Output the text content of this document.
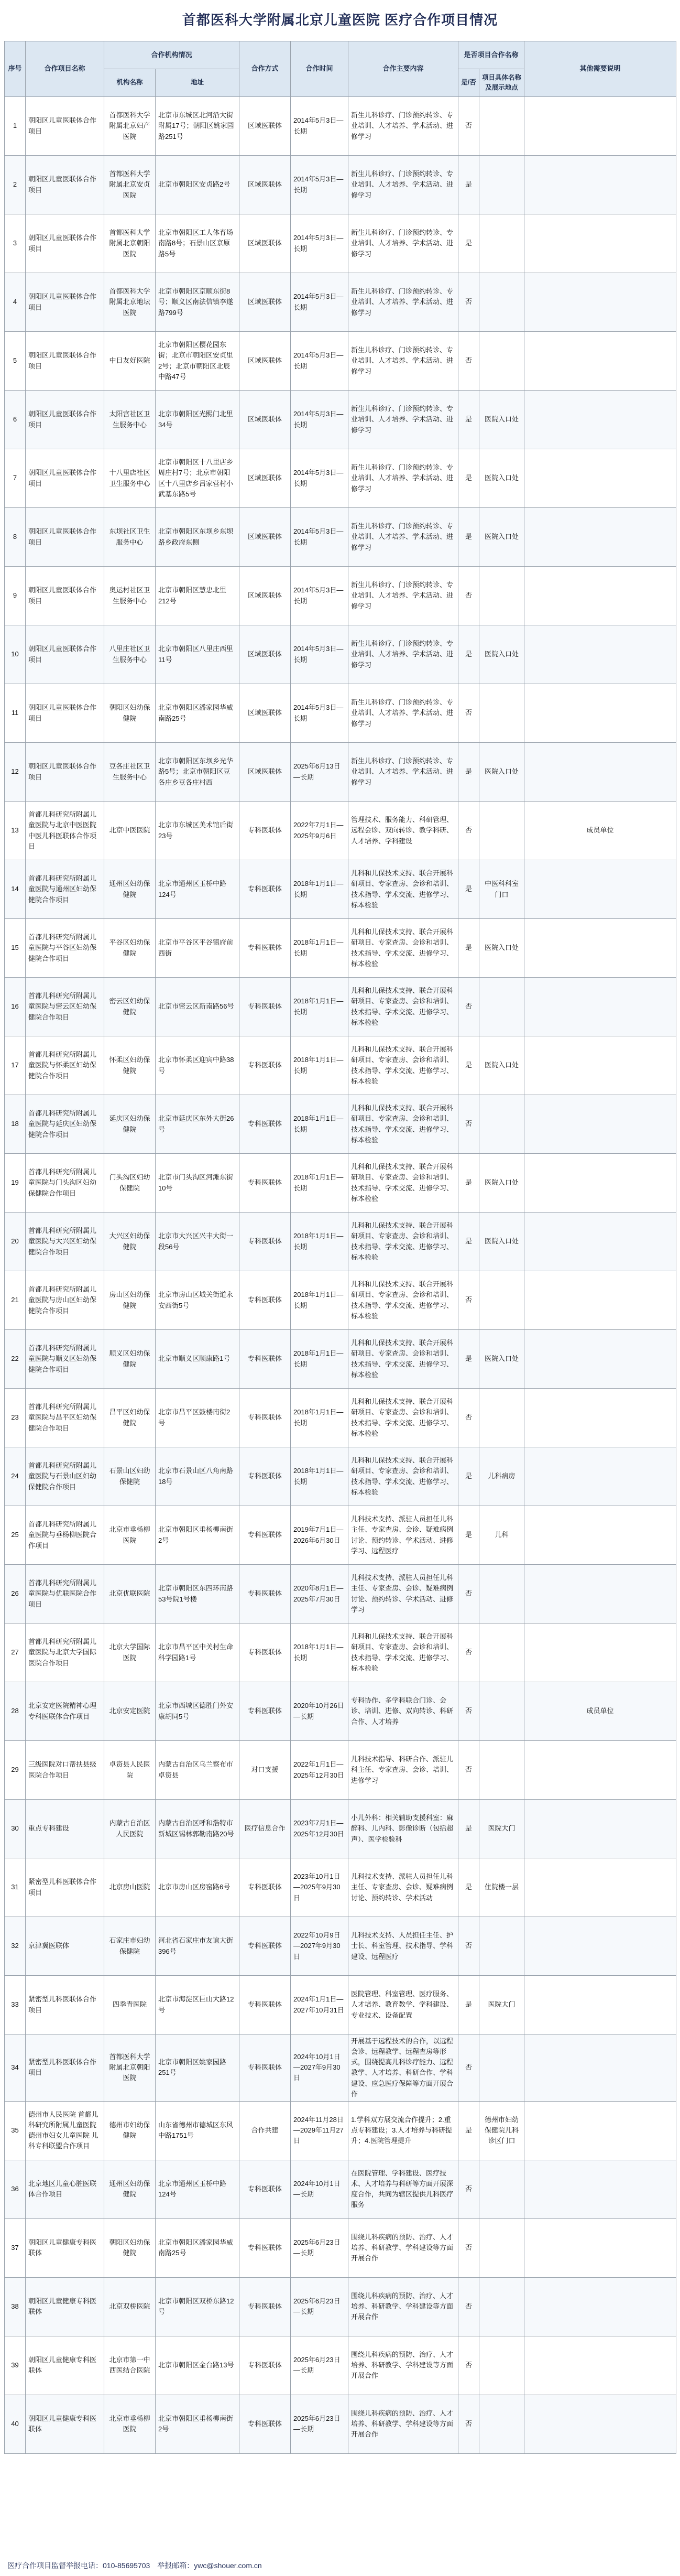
首都医科大学附属北京儿童医院 医疗合作项目情况
序号	合作项目名称	合作机构情况		合作方式	合作时间	合作主要内容	是否项目合作名称		其他需要说明
		机构名称	地址				是/否	项目具体名称及展示地点	
1	朝阳区儿童医联体合作项目	首都医科大学附属北京妇产医院	北京市东城区北河沿大街附属17号；朝阳区姚家园路251号	区域医联体	2014年5月3日—长期	新生儿科诊疗、门诊预约转诊、专业培训、人才培养、学术活动、进修学习	否		
2	朝阳区儿童医联体合作项目	首都医科大学附属北京安贞医院	北京市朝阳区安贞路2号	区域医联体	2014年5月3日—长期	新生儿科诊疗、门诊预约转诊、专业培训、人才培养、学术活动、进修学习	是		
3	朝阳区儿童医联体合作项目	首都医科大学附属北京朝阳医院	北京市朝阳区工人体育场南路8号；石景山区京原路5号	区域医联体	2014年5月3日—长期	新生儿科诊疗、门诊预约转诊、专业培训、人才培养、学术活动、进修学习	是		
4	朝阳区儿童医联体合作项目	首都医科大学附属北京地坛医院	北京市朝阳区京顺东街8号；顺义区南法信镇李遂路799号	区域医联体	2014年5月3日—长期	新生儿科诊疗、门诊预约转诊、专业培训、人才培养、学术活动、进修学习	否		
5	朝阳区儿童医联体合作项目	中日友好医院	北京市朝阳区樱花园东街；北京市朝阳区安贞里2号；北京市朝阳区北辰中路47号	区域医联体	2014年5月3日—长期	新生儿科诊疗、门诊预约转诊、专业培训、人才培养、学术活动、进修学习	否		
6	朝阳区儿童医联体合作项目	太阳宫社区卫生服务中心	北京市朝阳区光熙门北里34号	区域医联体	2014年5月3日—长期	新生儿科诊疗、门诊预约转诊、专业培训、人才培养、学术活动、进修学习	是	医院入口处	
7	朝阳区儿童医联体合作项目	十八里店社区卫生服务中心	北京市朝阳区十八里店乡周庄村7号；北京市朝阳区十八里店乡吕家营村小武基东路5号	区域医联体	2014年5月3日—长期	新生儿科诊疗、门诊预约转诊、专业培训、人才培养、学术活动、进修学习	是	医院入口处	
8	朝阳区儿童医联体合作项目	东坝社区卫生服务中心	北京市朝阳区东坝乡东坝路乡政府东侧	区域医联体	2014年5月3日—长期	新生儿科诊疗、门诊预约转诊、专业培训、人才培养、学术活动、进修学习	是	医院入口处	
9	朝阳区儿童医联体合作项目	奥运村社区卫生服务中心	北京市朝阳区慧忠北里212号	区域医联体	2014年5月3日—长期	新生儿科诊疗、门诊预约转诊、专业培训、人才培养、学术活动、进修学习	否		
10	朝阳区儿童医联体合作项目	八里庄社区卫生服务中心	北京市朝阳区八里庄西里11号	区域医联体	2014年5月3日—长期	新生儿科诊疗、门诊预约转诊、专业培训、人才培养、学术活动、进修学习	是	医院入口处	
11	朝阳区儿童医联体合作项目	朝阳区妇幼保健院	北京市朝阳区潘家园华威南路25号	区域医联体	2014年5月3日—长期	新生儿科诊疗、门诊预约转诊、专业培训、人才培养、学术活动、进修学习	否		
12	朝阳区儿童医联体合作项目	豆各庄社区卫生服务中心	北京市朝阳区东坝乡光华路5号；北京市朝阳区豆各庄乡豆各庄村西	区域医联体	2025年6月13日—长期	新生儿科诊疗、门诊预约转诊、专业培训、人才培养、学术活动、进修学习	是	医院入口处	
13	首都儿科研究所附属儿童医院与北京中医医院中医儿科医联体合作项目	北京中医医院	北京市东城区美术馆后街23号	专科医联体	2022年7月1日—2025年9月6日	管理技术、服务能力、科研管理、远程会诊、双向转诊、教学科研、人才培养、学科建设	否		成员单位
14	首都儿科研究所附属儿童医院与通州区妇幼保健院合作项目	通州区妇幼保健院	北京市通州区玉桥中路124号	专科医联体	2018年1月1日—长期	儿科和儿保技术支持、联合开展科研项目、专家查房、会诊和培训、技术指导、学术交流、进修学习、标本检验	是	中医科科室门口	
15	首都儿科研究所附属儿童医院与平谷区妇幼保健院合作项目	平谷区妇幼保健院	北京市平谷区平谷镇府前西街	专科医联体	2018年1月1日—长期	儿科和儿保技术支持、联合开展科研项目、专家查房、会诊和培训、技术指导、学术交流、进修学习、标本检验	是	医院入口处	
16	首都儿科研究所附属儿童医院与密云区妇幼保健院合作项目	密云区妇幼保健院	北京市密云区新南路56号	专科医联体	2018年1月1日—长期	儿科和儿保技术支持、联合开展科研项目、专家查房、会诊和培训、技术指导、学术交流、进修学习、标本检验	否		
17	首都儿科研究所附属儿童医院与怀柔区妇幼保健院合作项目	怀柔区妇幼保健院	北京市怀柔区迎宾中路38号	专科医联体	2018年1月1日—长期	儿科和儿保技术支持、联合开展科研项目、专家查房、会诊和培训、技术指导、学术交流、进修学习、标本检验	是	医院入口处	
18	首都儿科研究所附属儿童医院与延庆区妇幼保健院合作项目	延庆区妇幼保健院	北京市延庆区东外大街26号	专科医联体	2018年1月1日—长期	儿科和儿保技术支持、联合开展科研项目、专家查房、会诊和培训、技术指导、学术交流、进修学习、标本检验	否		
19	首都儿科研究所附属儿童医院与门头沟区妇幼保健院合作项目	门头沟区妇幼保健院	北京市门头沟区河滩东街10号	专科医联体	2018年1月1日—长期	儿科和儿保技术支持、联合开展科研项目、专家查房、会诊和培训、技术指导、学术交流、进修学习、标本检验	是	医院入口处	
20	首都儿科研究所附属儿童医院与大兴区妇幼保健院合作项目	大兴区妇幼保健院	北京市大兴区兴丰大街一段56号	专科医联体	2018年1月1日—长期	儿科和儿保技术支持、联合开展科研项目、专家查房、会诊和培训、技术指导、学术交流、进修学习、标本检验	是	医院入口处	
21	首都儿科研究所附属儿童医院与房山区妇幼保健院合作项目	房山区妇幼保健院	北京市房山区城关街道永安西街5号	专科医联体	2018年1月1日—长期	儿科和儿保技术支持、联合开展科研项目、专家查房、会诊和培训、技术指导、学术交流、进修学习、标本检验	否		
22	首都儿科研究所附属儿童医院与顺义区妇幼保健院合作项目	顺义区妇幼保健院	北京市顺义区顺康路1号	专科医联体	2018年1月1日—长期	儿科和儿保技术支持、联合开展科研项目、专家查房、会诊和培训、技术指导、学术交流、进修学习、标本检验	是	医院入口处	
23	首都儿科研究所附属儿童医院与昌平区妇幼保健院合作项目	昌平区妇幼保健院	北京市昌平区鼓楼南街2号	专科医联体	2018年1月1日—长期	儿科和儿保技术支持、联合开展科研项目、专家查房、会诊和培训、技术指导、学术交流、进修学习、标本检验	否		
24	首都儿科研究所附属儿童医院与石景山区妇幼保健院合作项目	石景山区妇幼保健院	北京市石景山区八角南路18号	专科医联体	2018年1月1日—长期	儿科和儿保技术支持、联合开展科研项目、专家查房、会诊和培训、技术指导、学术交流、进修学习、标本检验	是	儿科病房	
25	首都儿科研究所附属儿童医院与垂杨柳医院合作项目	北京市垂杨柳医院	北京市朝阳区垂杨柳南街2号	专科医联体	2019年7月1日—2026年6月30日	儿科技术支持、派驻人员担任儿科主任、专家查房、会诊、疑难病例讨论、预约转诊、学术活动、进修学习、远程医疗	是	儿科	
26	首都儿科研究所附属儿童医院与优联医院合作项目	北京优联医院	北京市朝阳区东四环南路53号院1号楼	专科医联体	2020年8月1日—2025年7月30日	儿科技术支持、派驻人员担任儿科主任、专家查房、会诊、疑难病例讨论、预约转诊、学术活动、进修学习	否		
27	首都儿科研究所附属儿童医院与北京大学国际医院合作项目	北京大学国际医院	北京市昌平区中关村生命科学园路1号	专科医联体	2018年1月1日—长期	儿科和儿保技术支持、联合开展科研项目、专家查房、会诊和培训、技术指导、学术交流、进修学习、标本检验	否		
28	北京安定医院精神心理专科医联体合作项目	北京安定医院	北京市西城区德胜门外安康胡同5号	专科医联体	2020年10月26日—长期	专科协作、多学科联合门诊、会诊、培训、进修、双向转诊、科研合作、人才培养	否		成员单位
29	三级医院对口帮扶县级医院合作项目	卓资县人民医院	内蒙古自治区乌兰察布市卓资县	对口支援	2022年1月1日—2025年12月30日	儿科技术指导、科研合作、派驻儿科主任、专家查房、会诊、培训、进修学习	否		
30	重点专科建设	内蒙古自治区人民医院	内蒙古自治区呼和浩特市新城区锡林郭勒南路20号	医疗信息合作	2023年7月1日—2025年12月30日	小儿外科：相关辅助支援科室：麻醉科、儿内科、影像诊断（包括超声）、医学检验科	是	医院大门	
31	紧密型儿科医联体合作项目	北京房山医院	北京市房山区房窑路6号	专科医联体	2023年10月1日—2025年9月30日	儿科技术支持、派驻人员担任儿科主任、专家查房、会诊、疑难病例讨论、预约转诊、学术活动	是	住院楼一层	
32	京津冀医联体	石家庄市妇幼保健院	河北省石家庄市友谊大街396号	专科医联体	2022年10月9日—2027年9月30日	儿科技术支持、人员担任主任、护士长、科室管理、技术指导、学科建设、远程医疗	否		
33	紧密型儿科医联体合作项目	四季青医院	北京市海淀区巨山大路12号	专科医联体	2024年1月1日—2027年10月31日	医院管理、科室管理、医疗服务、人才培养、教育教学、学科建设、专业技术、设备配置	是	医院大门	
34	紧密型儿科医联体合作项目	首都医科大学附属北京朝阳医院	北京市朝阳区姚家园路251号	专科医联体	2024年10月1日—2027年9月30日	开展基于远程技术的合作，以远程会诊、远程教学、远程查房等形式，围绕提高儿科诊疗能力、远程教学、人才培养、科研合作、学科建设、应急医疗保障等方面开展合作	否		
35	德州市人民医院 首都儿科研究所附属儿童医院 德州市妇女儿童医院 儿科专科联盟合作项目	德州市妇幼保健院	山东省德州市德城区东风中路1751号	合作共建	2024年11月28日—2029年11月27日	1.学科双方展交流合作提升；2.重点专科建设；3.人才培养与科研提升；4.医院管理提升	是	德州市妇幼保健院儿科诊区门口	
36	北京地区儿童心脏医联体合作项目	通州区妇幼保健院	北京市通州区玉桥中路124号	专科医联体	2024年10月1日—长期	在医院管理、学科建设、医疗技术、人才培养与科研等方面开展深度合作，共同为辖区提供儿科医疗服务	否		
37	朝阳区儿童健康专科医联体	朝阳区妇幼保健院	北京市朝阳区潘家园华威南路25号	专科医联体	2025年6月23日—长期	围绕儿科疾病的预防、治疗、人才培养、科研教学、学科建设等方面开展合作	否		
38	朝阳区儿童健康专科医联体	北京双桥医院	北京市朝阳区双桥东路12号	专科医联体	2025年6月23日—长期	围绕儿科疾病的预防、治疗、人才培养、科研教学、学科建设等方面开展合作	否		
39	朝阳区儿童健康专科医联体	北京市第一中西医结合医院	北京市朝阳区金台路13号	专科医联体	2025年6月23日—长期	围绕儿科疾病的预防、治疗、人才培养、科研教学、学科建设等方面开展合作	否		
40	朝阳区儿童健康专科医联体	北京市垂杨柳医院	北京市朝阳区垂杨柳南街2号	专科医联体	2025年6月23日—长期	围绕儿科疾病的预防、治疗、人才培养、科研教学、学科建设等方面开展合作	否		
医疗合作项目监督举报电话：010-85695703　举报邮箱：ywc@shouer.com.cn
